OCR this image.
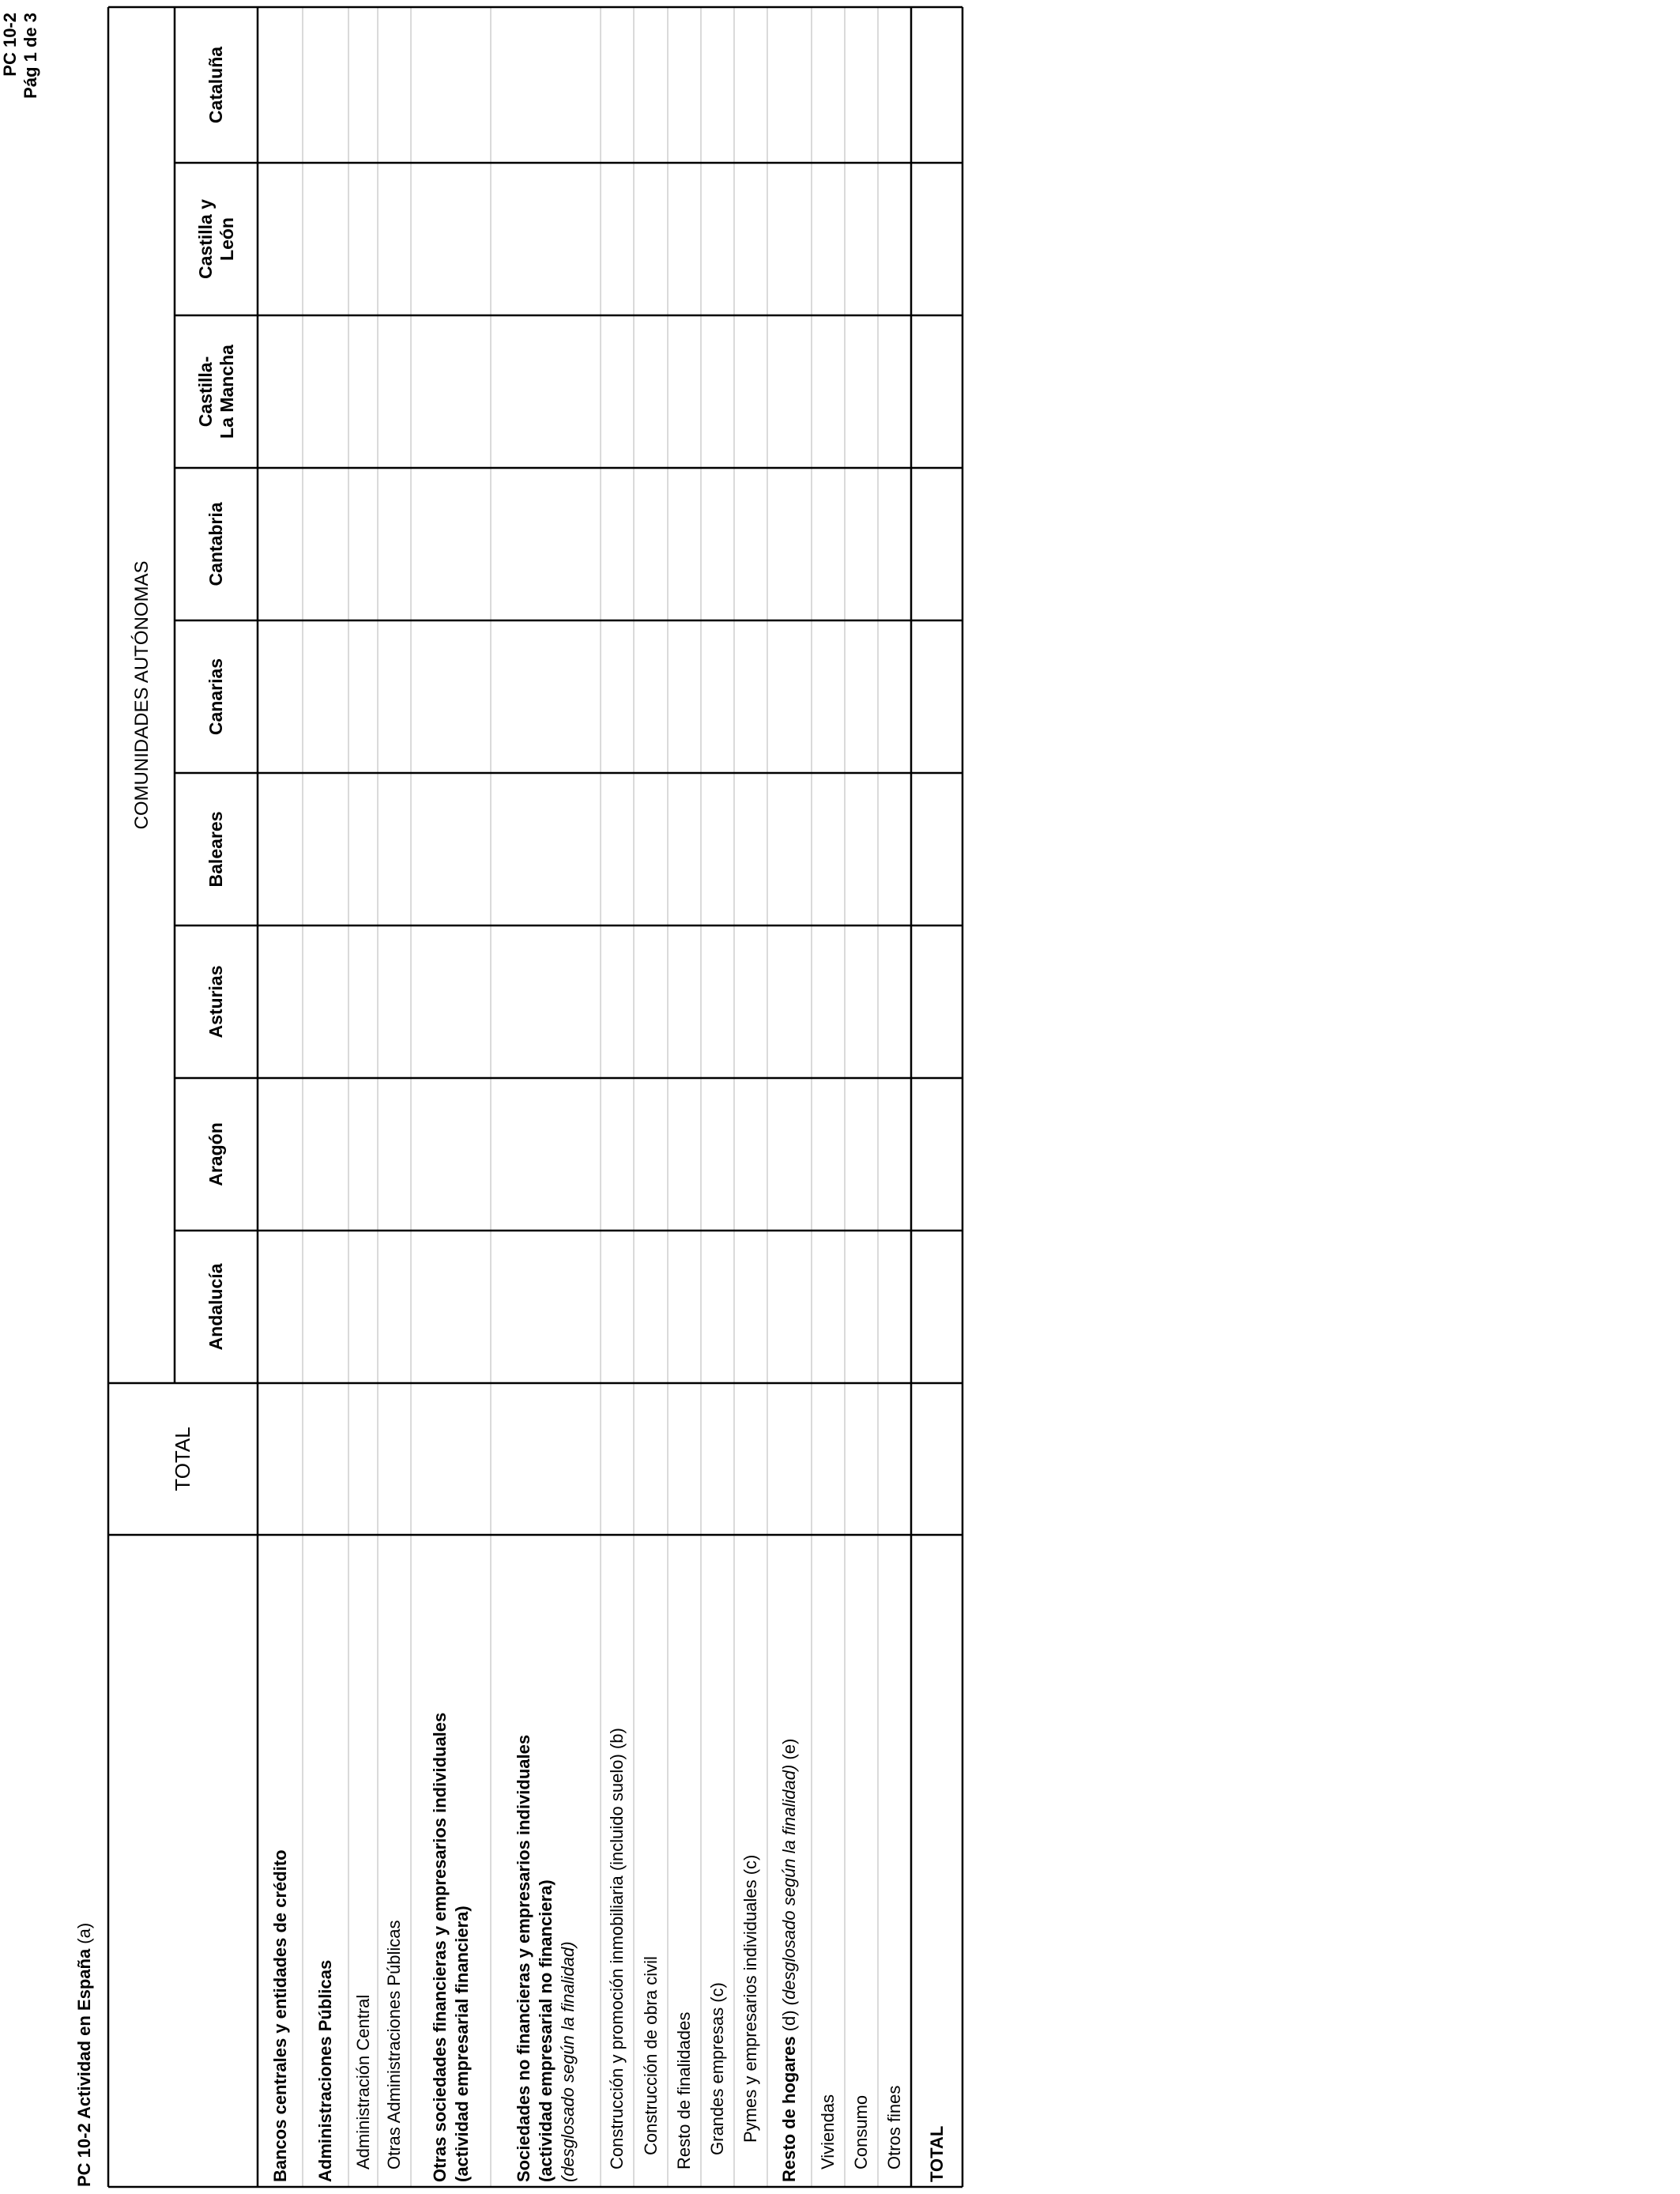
PC 10-2 Pág 1 de 3
PC 10-2 Actividad en España (a)
TOTAL
COMUNIDADES AUTÓNOMAS
Andalucía
Aragón
Asturias
Baleares
Canarias
Cantabria
Castilla- La Mancha
Castilla y León
Cataluña
Bancos centrales y entidades de crédito Administraciones Públicas Administración Central Otras Administraciones Públicas Otras sociedades financieras y empresarios individuales (actividad empresarial financiera) Sociedades no financieras y empresarios individuales (actividad empresarial no financiera) (desglosado según la finalidad) Construcción y promoción inmobiliaria (incluido suelo) (b) Construcción de obra civil Resto de finalidades Grandes empresas (c) Pymes y empresarios individuales (c) Resto de hogares (d) (desglosado según la finalidad) (e)
Viviendas Consumo Otros fines TOTAL
